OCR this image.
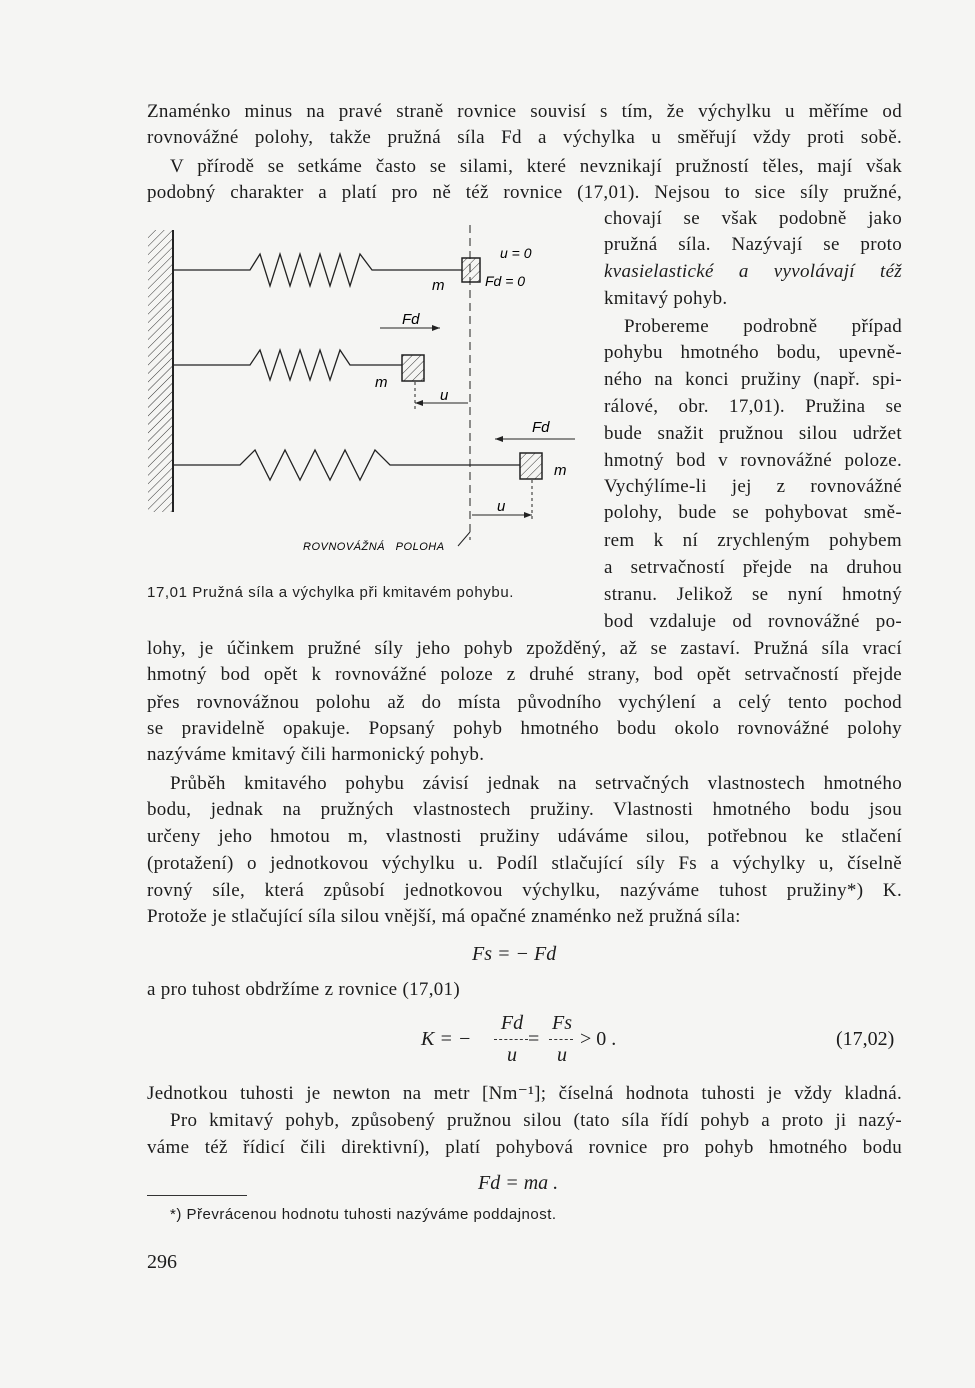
Znaménko minus na pravé straně rovnice souvisí s tím, že výchylku u měříme od
rovnovážné polohy, takže pružná síla Fd a výchylka u směřují vždy proti sobě.
V přírodě se setkáme často se silami, které nevznikají pružností těles, mají však
podobný charakter a platí pro ně též rovnice (17,01). Nejsou to sice síly pružné,
chovají se však podobně jako
pružná síla. Nazývají se proto
kvasielastické a vyvolávají též
kmitavý pohyb.
Probereme podrobně případ
pohybu hmotného bodu, upevně-
ného na konci pružiny (např. spi-
rálové, obr. 17,01). Pružina se
bude snažit pružnou silou udržet
hmotný bod v rovnovážné poloze.
Vychýlíme-li jej z rovnovážné
polohy, bude se pohybovat smě-
rem k ní zrychleným pohybem
a setrvačností přejde na druhou
stranu. Jelikož se nyní hmotný
bod vzdaluje od rovnovážné po-
u = 0
Fd = 0
m
Fd
m
u
Fd
m
u
ROVNOVÁŽNÁ   POLOHA
17,01 Pružná síla a výchylka při kmitavém pohybu.
lohy, je účinkem pružné síly jeho pohyb zpožděný, až se zastaví. Pružná síla vrací
hmotný bod opět k rovnovážné poloze z druhé strany, bod opět setrvačností přejde
přes rovnovážnou polohu až do místa původního vychýlení a celý tento pochod
se pravidelně opakuje. Popsaný pohyb hmotného bodu okolo rovnovážné polohy
nazýváme kmitavý čili harmonický pohyb.
Průběh kmitavého pohybu závisí jednak na setrvačných vlastnostech hmotného
bodu, jednak na pružných vlastnostech pružiny. Vlastnosti hmotného bodu jsou
určeny jeho hmotou m, vlastnosti pružiny udáváme silou, potřebnou ke stlačení
(protažení) o jednotkovou výchylku u. Podíl stlačující síly Fs a výchylky u, číselně
rovný síle, která způsobí jednotkovou výchylku, nazýváme tuhost pružiny*) K.
Protože je stlačující síla silou vnější, má opačné znaménko než pružná síla:
Fs = − Fd
a pro tuhost obdržíme z rovnice (17,01)
K = −
Fd
u
=
Fs
u
> 0 .	(17,02)
Jednotkou tuhosti je newton na metr [Nm⁻¹]; číselná hodnota tuhosti je vždy kladná.
Pro kmitavý pohyb, způsobený pružnou silou (tato síla řídí pohyb a proto ji nazý-
váme též řídicí čili direktivní), platí pohybová rovnice pro pohyb hmotného bodu
Fd = ma .
*) Převrácenou hodnotu tuhosti nazýváme poddajnost.
296
